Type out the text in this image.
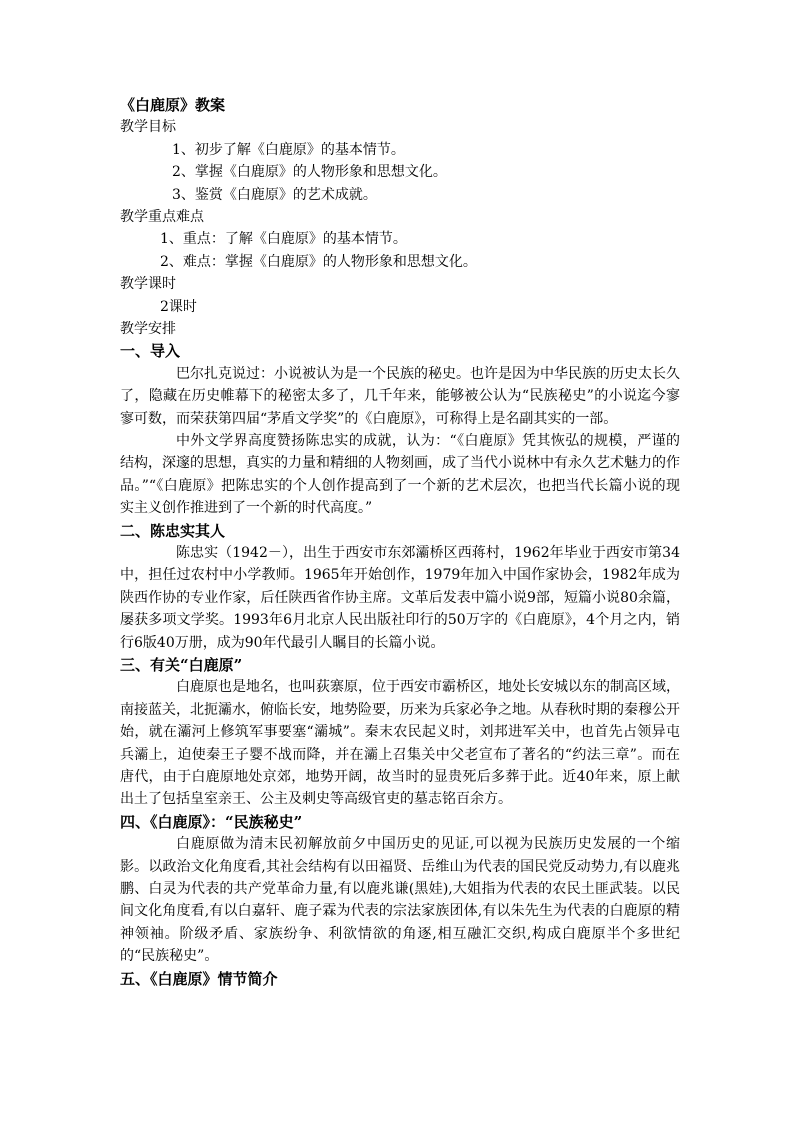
《白鹿原》教案
教学目标
1、初步了解《白鹿原》的基本情节。
2、掌握《白鹿原》的人物形象和思想文化。
3、鉴赏《白鹿原》的艺术成就。
教学重点难点
1、重点：了解《白鹿原》的基本情节。
2、难点：掌握《白鹿原》的人物形象和思想文化。
教学课时
2课时
教学安排
一、导入

巴尔扎克说过：小说被认为是一个民族的秘史。也许是因为中华民族的历史太长久了，隐藏在历史帷幕下的秘密太多了，几千年来，能够被公认为“民族秘史”的小说迄今寥寥可数，而荣获第四届“茅盾文学奖”的《白鹿原》，可称得上是名副其实的一部。

中外文学界高度赞扬陈忠实的成就，认为：“《白鹿原》凭其恢弘的规模，严谨的结构，深邃的思想，真实的力量和精细的人物刻画，成了当代小说林中有永久艺术魅力的作品。”“《白鹿原》把陈忠实的个人创作提高到了一个新的艺术层次，也把当代长篇小说的现实主义创作推进到了一个新的时代高度。”

二、陈忠实其人

陈忠实（1942－），出生于西安市东郊灞桥区西蒋村，1962年毕业于西安市第34中，担任过农村中小学教师。1965年开始创作，1979年加入中国作家协会，1982年成为陕西作协的专业作家，后任陕西省作协主席。文革后发表中篇小说9部，短篇小说80余篇，屡获多项文学奖。1993年6月北京人民出版社印行的50万字的《白鹿原》，4个月之内，销行6版40万册，成为90年代最引人瞩目的长篇小说。

三、有关“白鹿原”

白鹿原也是地名，也叫荻寨原，位于西安市霸桥区，地处长安城以东的制高区域，南接蓝关，北扼灞水，俯临长安，地势险要，历来为兵家必争之地。从春秋时期的秦穆公开始，就在灞河上修筑军事要塞“灞城”。秦末农民起义时，刘邦进军关中，也首先占领异屯兵灞上，迫使秦王子婴不战而降，并在灞上召集关中父老宣布了著名的“约法三章”。而在唐代，由于白鹿原地处京郊，地势开阔，故当时的显贵死后多葬于此。近40年来，原上献出土了包括皇室亲王、公主及刺史等高级官吏的墓志铭百余方。

四、《白鹿原》：“民族秘史”

白鹿原做为清末民初解放前夕中国历史的见证,可以视为民族历史发展的一个缩影。以政治文化角度看,其社会结构有以田福贤、岳维山为代表的国民党反动势力,有以鹿兆鹏、白灵为代表的共产党革命力量,有以鹿兆谦(黑娃),大姐指为代表的农民土匪武装。以民间文化角度看,有以白嘉轩、鹿子霖为代表的宗法家族团体,有以朱先生为代表的白鹿原的精神领袖。阶级矛盾、家族纷争、利欲情欲的角逐,相互融汇交织,构成白鹿原半个多世纪的“民族秘史”。

五、《白鹿原》情节简介
